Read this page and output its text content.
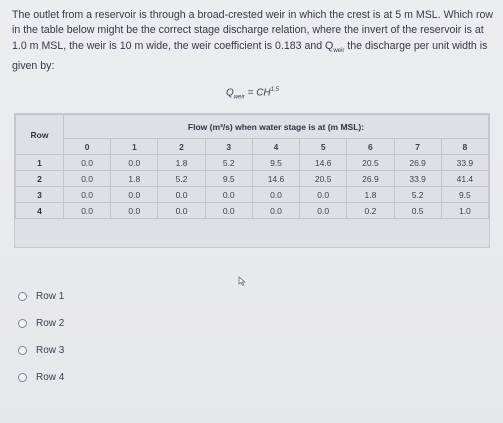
The outlet from a reservoir is through a broad-crested weir in which the crest is at 5 m MSL. Which row in the table below might be the correct stage discharge relation, where the invert of the reservoir is at 1.0 m MSL, the weir is 10 m wide, the weir coefficient is 0.183 and $Q_{weir}$ the discharge per unit width is given by:
$Q_{weir} = CH^{1.5}$
Row	Flow (m³/s) when water stage is at (m MSL):								
	0	1	2	3	4	5	6	7	8
1	0.0	0.0	1.8	5.2	9.5	14.6	20.5	26.9	33.9
2	0.0	1.8	5.2	9.5	14.6	20.5	26.9	33.9	41.4
3	0.0	0.0	0.0	0.0	0.0	0.0	1.8	5.2	9.5
4	0.0	0.0	0.0	0.0	0.0	0.0	0.2	0.5	1.0
Row 1
Row 2
Row 3
Row 4
